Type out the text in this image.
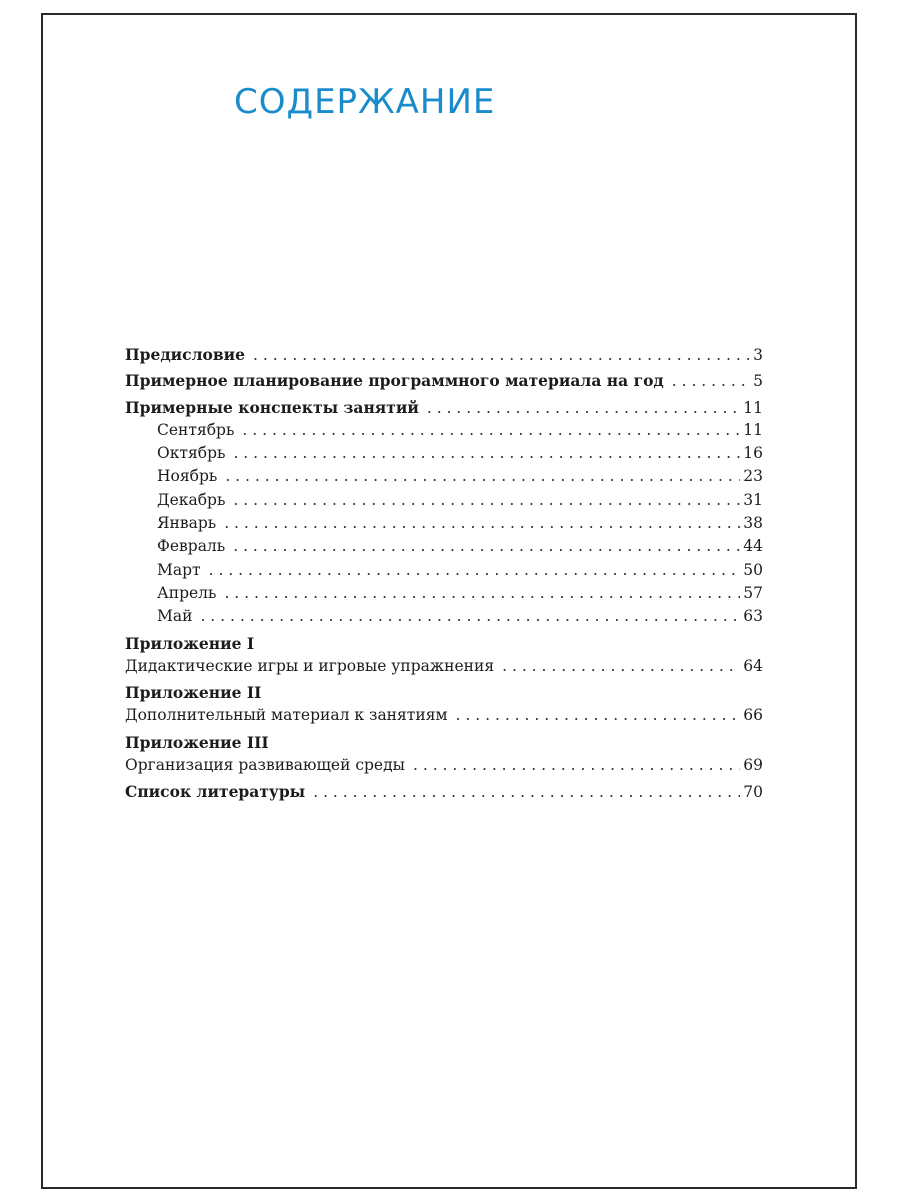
СОДЕРЖАНИЕ
Предисловие . . .	3
Примерное планирование программного материала на год . . .	5
Примерные конспекты занятий . . .	11
Сентябрь . . .	11
Октябрь . . .	16
Ноябрь . . .	23
Декабрь . . .	31
Январь . . .	38
Февраль . . .	44
Март . . .	50
Апрель . . .	57
Май . . .	63
Приложение I
Дидактические игры и игровые упражнения . . .	64
Приложение II
Дополнительный материал к занятиям . . .	66
Приложение III
Организация развивающей среды . . .	69
Список литературы . . .	70
